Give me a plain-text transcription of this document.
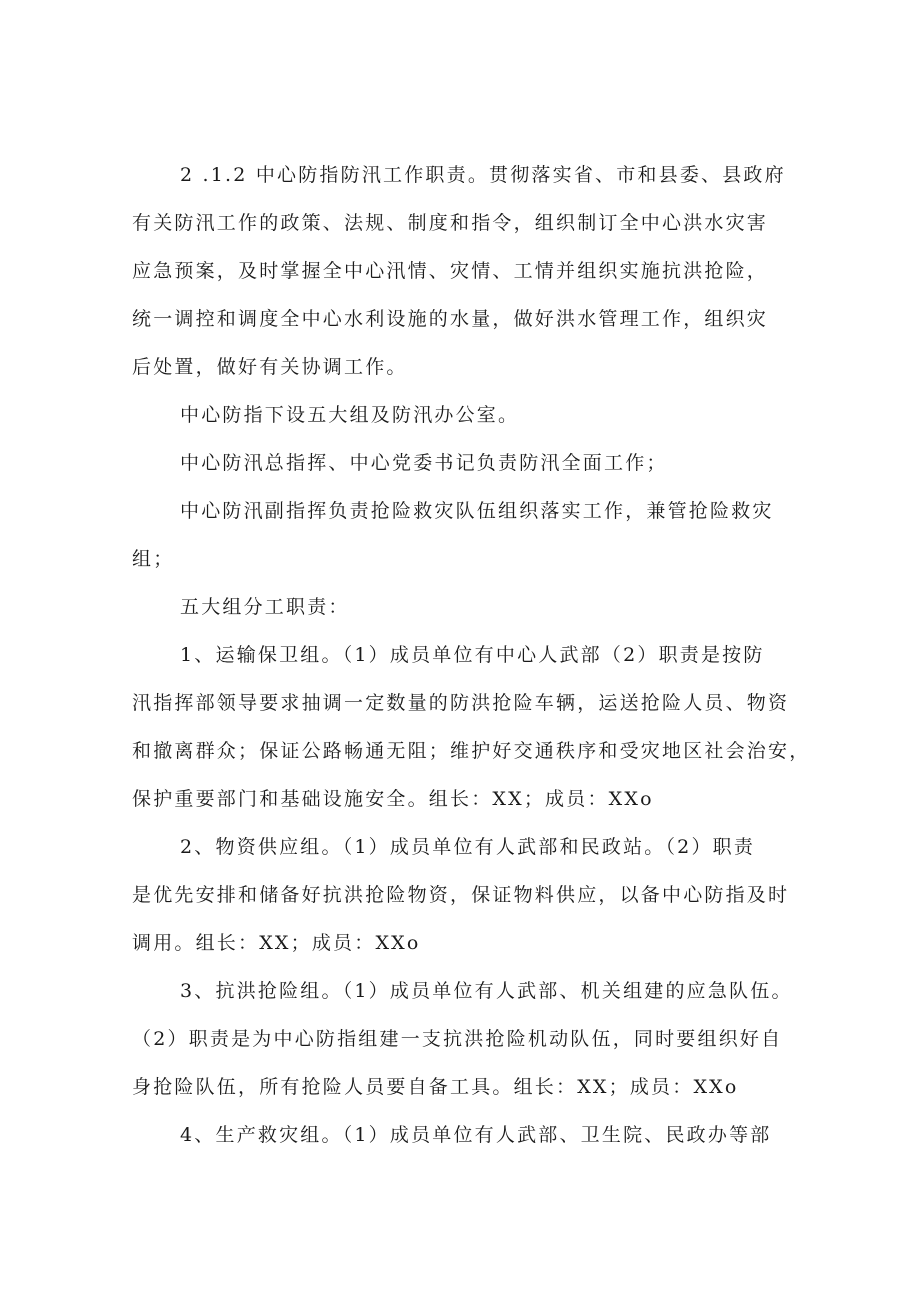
2 .1.2 中心防指防汛工作职责。贯彻落实省、市和县委、县政府
有关防汛工作的政策、法规、制度和指令，组织制订全中心洪水灾害
应急预案，及时掌握全中心汛情、灾情、工情并组织实施抗洪抢险，
统一调控和调度全中心水利设施的水量，做好洪水管理工作，组织灾
后处置，做好有关协调工作。
中心防指下设五大组及防汛办公室。
中心防汛总指挥、中心党委书记负责防汛全面工作；
中心防汛副指挥负责抢险救灾队伍组织落实工作，兼管抢险救灾
组；
五大组分工职责：
1、运输保卫组。（1）成员单位有中心人武部（2）职责是按防
汛指挥部领导要求抽调一定数量的防洪抢险车辆，运送抢险人员、物资
和撤离群众；保证公路畅通无阻；维护好交通秩序和受灾地区社会治安，
保护重要部门和基础设施安全。组长：XX；成员：XXo
2、物资供应组。（1）成员单位有人武部和民政站。（2）职责
是优先安排和储备好抗洪抢险物资，保证物料供应，以备中心防指及时
调用。组长：XX；成员：XXo
3、抗洪抢险组。（1）成员单位有人武部、机关组建的应急队伍。
（2）职责是为中心防指组建一支抗洪抢险机动队伍，同时要组织好自
身抢险队伍，所有抢险人员要自备工具。组长：XX；成员：XXo
4、生产救灾组。（1）成员单位有人武部、卫生院、民政办等部
